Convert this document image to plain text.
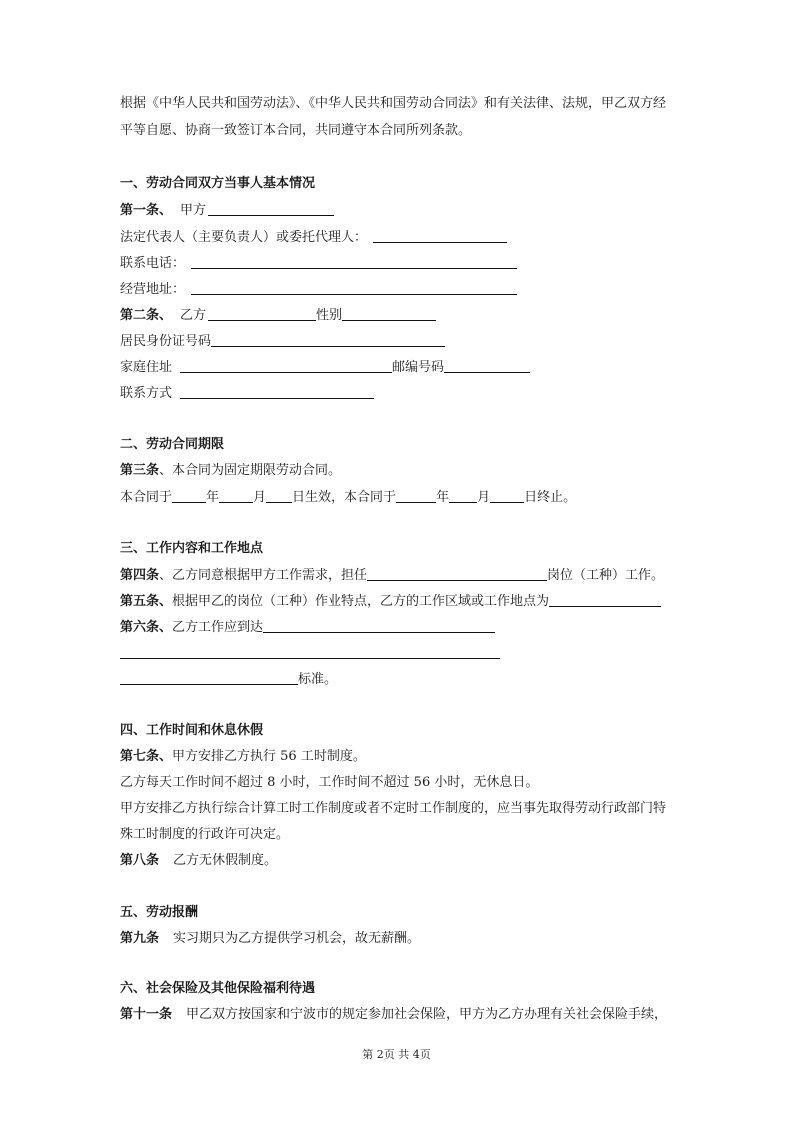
根据《中华人民共和国劳动法》、《中华人民共和国劳动合同法》和有关法律、法规，甲乙双方经
平等自愿、协商一致签订本合同，共同遵守本合同所列条款。
一、劳动合同双方当事人基本情况
第一条、 甲方
法定代表人（主要负责人）或委托代理人：
联系电话：
经营地址：
第二条、 乙方	性别
居民身份证号码
家庭住址	邮编号码
联系方式
二、劳动合同期限
第三条、本合同为固定期限劳动合同。
本合同于	年	月 日生效，本合同于	年 月	日终止。
三、工作内容和工作地点
第四条、乙方同意根据甲方工作需求，担任	岗位（工种）工作。
第五条、根据甲乙的岗位（工种）作业特点，乙方的工作区域或工作地点为
第六条、乙方工作应到达
标准。
四、工作时间和休息休假
第七条、甲方安排乙方执行 56 工时制度。
乙方每天工作时间不超过 8 小时，工作时间不超过 56 小时，无休息日。
甲方安排乙方执行综合计算工时工作制度或者不定时工作制度的，应当事先取得劳动行政部门特
殊工时制度的行政许可决定。
第八条 乙方无休假制度。
五、劳动报酬
第九条 实习期只为乙方提供学习机会，故无薪酬。
六、社会保险及其他保险福利待遇
第十一条 甲乙双方按国家和宁波市的规定参加社会保险，甲方为乙方办理有关社会保险手续，
第 2页 共 4页
